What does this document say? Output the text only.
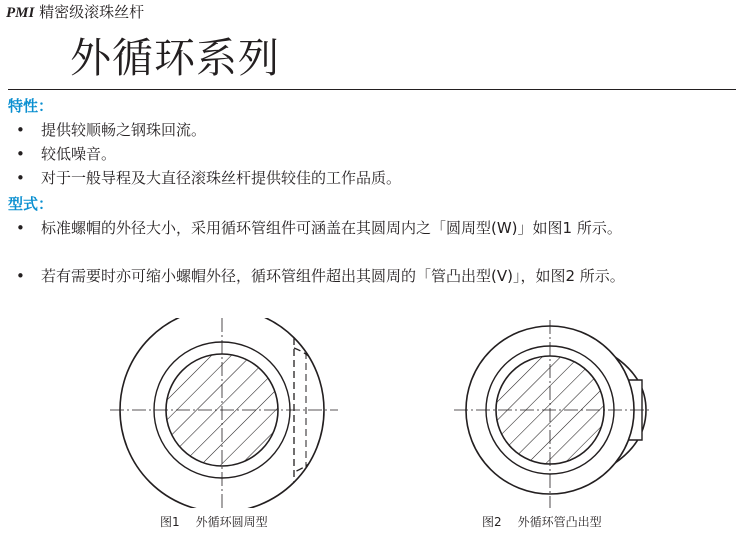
PMI 精密级滚珠丝杆
外循环系列
特性：
• 提供较顺畅之钢珠回流。
• 较低噪音。
• 对于一般导程及大直径滚珠丝杆提供较佳的工作品质。
型式：
• 标准螺帽的外径大小，采用循环管组件可涵盖在其圆周内之「圆周型(W)」如图1 所示。
• 若有需要时亦可缩小螺帽外径，循环管组件超出其圆周的「管凸出型(V)」，如图2 所示。
图1 外循环圆周型	图2 外循环管凸出型
